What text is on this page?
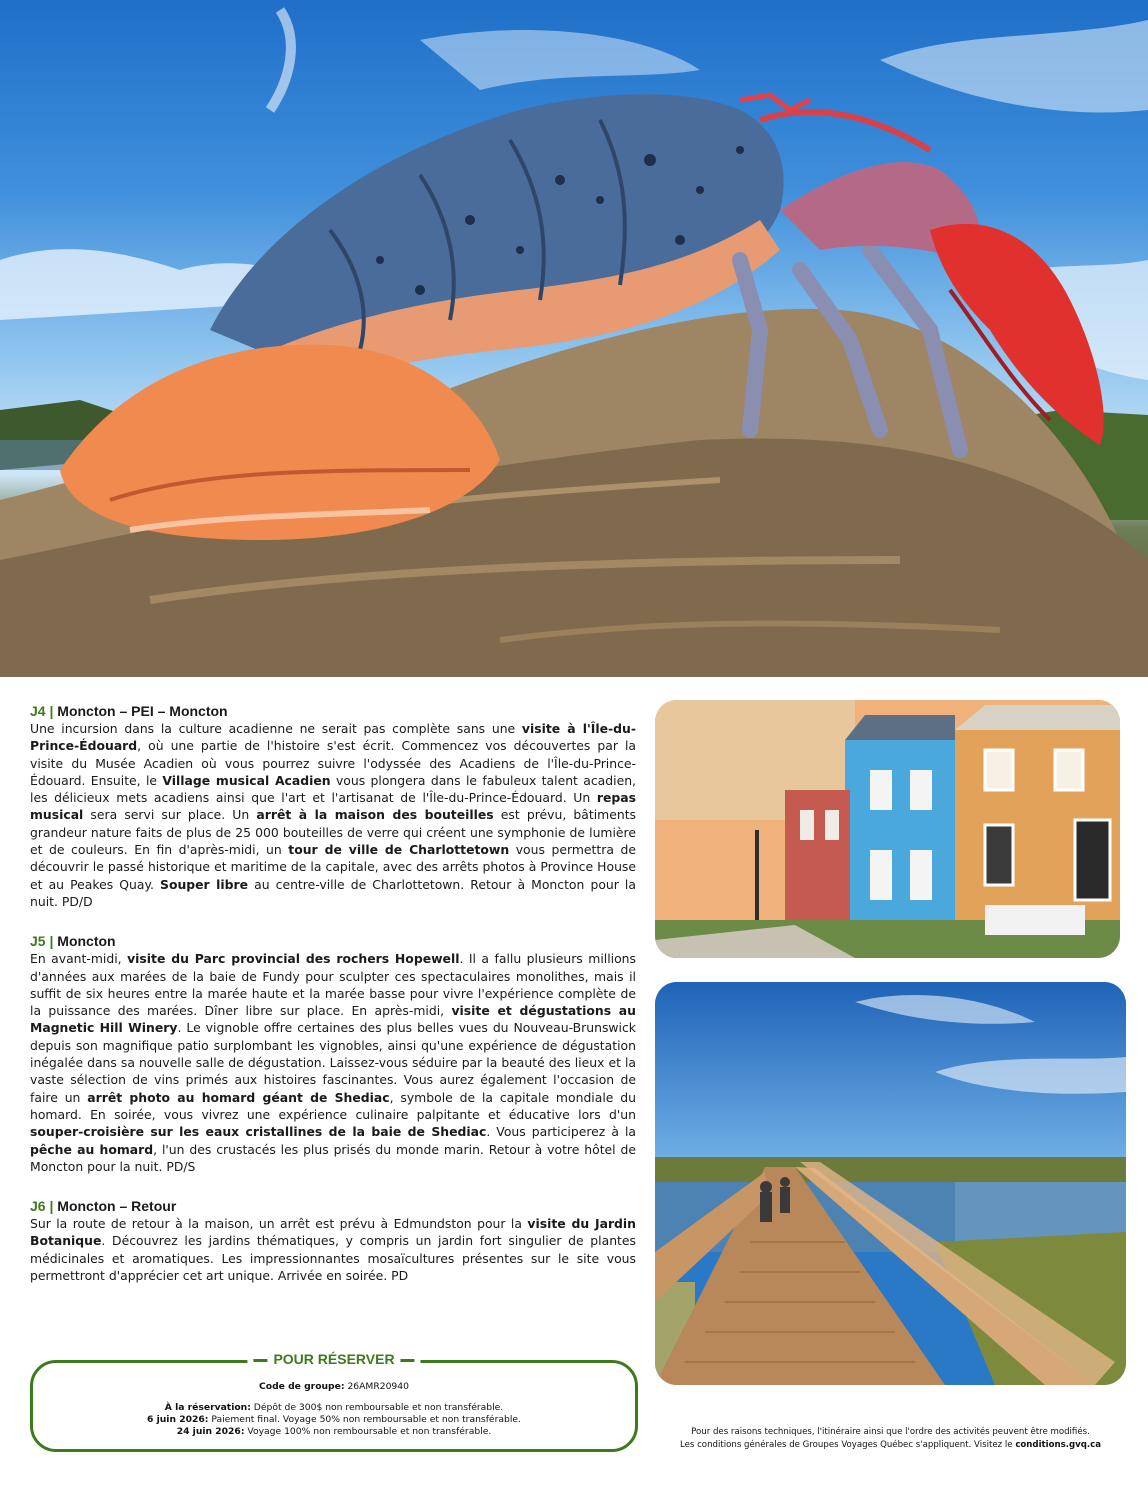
J4 | Moncton – PEI – Moncton

Une incursion dans la culture acadienne ne serait pas complète sans une visite à l'Île-du-Prince-Édouard, où une partie de l'histoire s'est écrit. Commencez vos découvertes par la visite du Musée Acadien où vous pourrez suivre l'odyssée des Acadiens de l'Île-du-Prince-Édouard. Ensuite, le Village musical Acadien vous plongera dans le fabuleux talent acadien, les délicieux mets acadiens ainsi que l'art et l'artisanat de l'Île-du-Prince-Édouard. Un repas musical sera servi sur place. Un arrêt à la maison des bouteilles est prévu, bâtiments grandeur nature faits de plus de 25 000 bouteilles de verre qui créent une symphonie de lumière et de couleurs. En fin d'après-midi, un tour de ville de Charlottetown vous permettra de découvrir le passé historique et maritime de la capitale, avec des arrêts photos à Province House et au Peakes Quay. Souper libre au centre-ville de Charlottetown. Retour à Moncton pour la nuit. PD/D

J5 | Moncton

En avant-midi, visite du Parc provincial des rochers Hopewell. Il a fallu plusieurs millions d'années aux marées de la baie de Fundy pour sculpter ces spectaculaires monolithes, mais il suffit de six heures entre la marée haute et la marée basse pour vivre l'expérience complète de la puissance des marées. Dîner libre sur place. En après-midi, visite et dégustations au Magnetic Hill Winery. Le vignoble offre certaines des plus belles vues du Nouveau-Brunswick depuis son magnifique patio surplombant les vignobles, ainsi qu'une expérience de dégustation inégalée dans sa nouvelle salle de dégustation. Laissez-vous séduire par la beauté des lieux et la vaste sélection de vins primés aux histoires fascinantes. Vous aurez également l'occasion de faire un arrêt photo au homard géant de Shediac, symbole de la capitale mondiale du homard. En soirée, vous vivrez une expérience culinaire palpitante et éducative lors d'un souper-croisière sur les eaux cristallines de la baie de Shediac. Vous participerez à la pêche au homard, l'un des crustacés les plus prisés du monde marin. Retour à votre hôtel de Moncton pour la nuit. PD/S

J6 | Moncton – Retour

Sur la route de retour à la maison, un arrêt est prévu à Edmundston pour la visite du Jardin Botanique. Découvrez les jardins thématiques, y compris un jardin fort singulier de plantes médicinales et aromatiques. Les impressionnantes mosaïcultures présentes sur le site vous permettront d'apprécier cet art unique. Arrivée en soirée. PD

POUR RÉSERVER
Code de groupe: 26AMR20940
À la réservation: Dépôt de 300$ non remboursable et non transférable.
6 juin 2026: Paiement final. Voyage 50% non remboursable et non transférable.
24 juin 2026: Voyage 100% non remboursable et non transférable.	Pour des raisons techniques, l'itinéraire ainsi que l'ordre des activités peuvent être modifiés.
Les conditions générales de Groupes Voyages Québec s'appliquent. Visitez le conditions.gvq.ca
